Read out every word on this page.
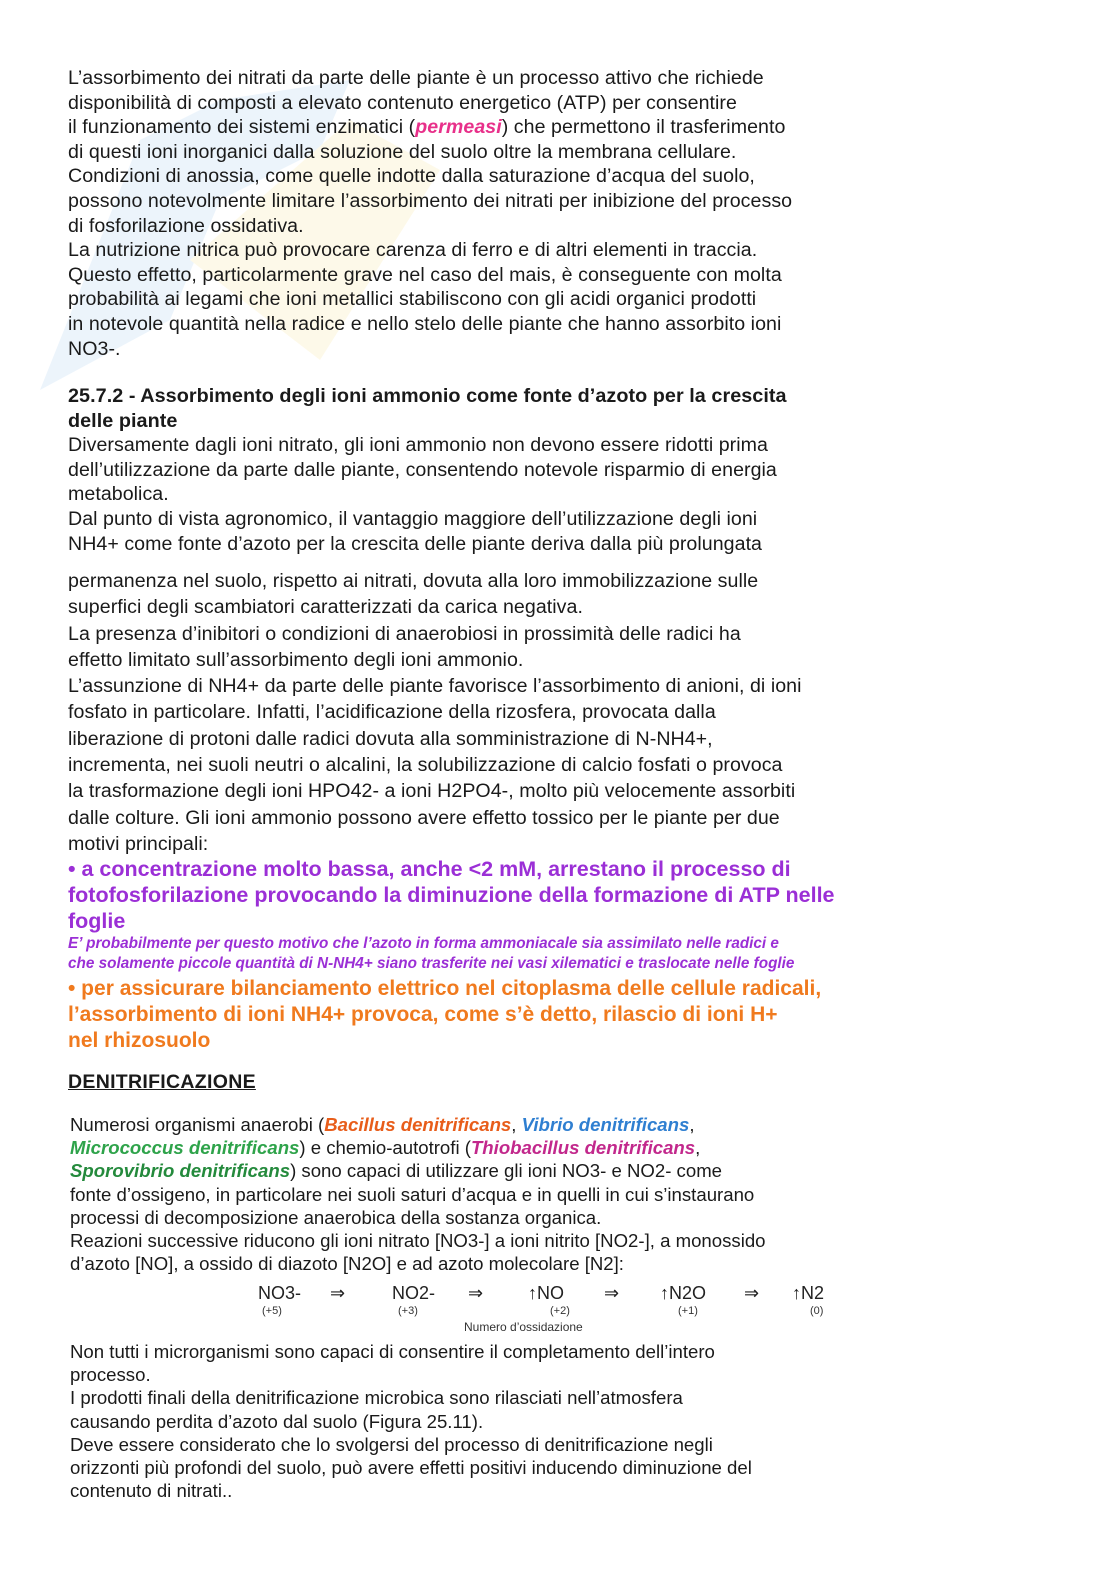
L’assorbimento dei nitrati da parte delle piante è un processo attivo che richiede

disponibilità di composti a elevato contenuto energetico (ATP) per consentire

il funzionamento dei sistemi enzimatici (permeasi) che permettono il trasferimento

di questi ioni inorganici dalla soluzione del suolo oltre la membrana cellulare.

Condizioni di anossia, come quelle indotte dalla saturazione d’acqua del suolo,

possono notevolmente limitare l’assorbimento dei nitrati per inibizione del processo

di fosforilazione ossidativa.

La nutrizione nitrica può provocare carenza di ferro e di altri elementi in traccia.

Questo effetto, particolarmente grave nel caso del mais, è conseguente con molta

probabilità ai legami che ioni metallici stabiliscono con gli acidi organici prodotti

in notevole quantità nella radice e nello stelo delle piante che hanno assorbito ioni

NO3-.

25.7.2 - Assorbimento degli ioni ammonio come fonte d’azoto per la crescita
delle piante

Diversamente dagli ioni nitrato, gli ioni ammonio non devono essere ridotti prima

dell’utilizzazione da parte dalle piante, consentendo notevole risparmio di energia

metabolica.

Dal punto di vista agronomico, il vantaggio maggiore dell’utilizzazione degli ioni

NH4+ come fonte d’azoto per la crescita delle piante deriva dalla più prolungata

permanenza nel suolo, rispetto ai nitrati, dovuta alla loro immobilizzazione sulle

superfici degli scambiatori caratterizzati da carica negativa.

La presenza d’inibitori o condizioni di anaerobiosi in prossimità delle radici ha

effetto limitato sull’assorbimento degli ioni ammonio.

L’assunzione di NH4+ da parte delle piante favorisce l’assorbimento di anioni, di ioni

fosfato in particolare. Infatti, l’acidificazione della rizosfera, provocata dalla

liberazione di protoni dalle radici dovuta alla somministrazione di N-NH4+,

incrementa, nei suoli neutri o alcalini, la solubilizzazione di calcio fosfati o provoca

la trasformazione degli ioni HPO42- a ioni H2PO4-, molto più velocemente assorbiti

dalle colture. Gli ioni ammonio possono avere effetto tossico per le piante per due

motivi principali:

• a concentrazione molto bassa, anche <2 mM, arrestano il processo di
fotofosforilazione provocando la diminuzione della formazione di ATP nelle
foglie
E’ probabilmente per questo motivo che l’azoto in forma ammoniacale sia assimilato nelle radici e
che solamente piccole quantità di N-NH4+ siano trasferite nei vasi xilematici e traslocate nelle foglie
• per assicurare bilanciamento elettrico nel citoplasma delle cellule radicali,
l’assorbimento di ioni NH4+ provoca, come s’è detto, rilascio di ioni H+
nel rhizosuolo
DENITRIFICAZIONE
Numerosi organismi anaerobi (Bacillus denitrificans, Vibrio denitrificans,
Micrococcus denitrificans) e chemio-autotrofi (Thiobacillus denitrificans,
Sporovibrio denitrificans) sono capaci di utilizzare gli ioni NO3- e NO2- come
fonte d’ossigeno, in particolare nei suoli saturi d’acqua e in quelli in cui s’instaurano
processi di decomposizione anaerobica della sostanza organica.
Reazioni successive riducono gli ioni nitrato [NO3-] a ioni nitrito [NO2-], a monossido
d’azoto [NO], a ossido di diazoto [N2O] e ad azoto molecolare [N2]:
NO3-
(+5)
⇒	NO2-
(+3)
⇒ ↑NO
(+2)
⇒ ↑N2O
(+1)
⇒ ↑N2
(0)
Numero d’ossidazione
Non tutti i microrganismi sono capaci di consentire il completamento dell’intero
processo.
I prodotti finali della denitrificazione microbica sono rilasciati nell’atmosfera
causando perdita d’azoto dal suolo (Figura 25.11).
Deve essere considerato che lo svolgersi del processo di denitrificazione negli
orizzonti più profondi del suolo, può avere effetti positivi inducendo diminuzione del
contenuto di nitrati..
